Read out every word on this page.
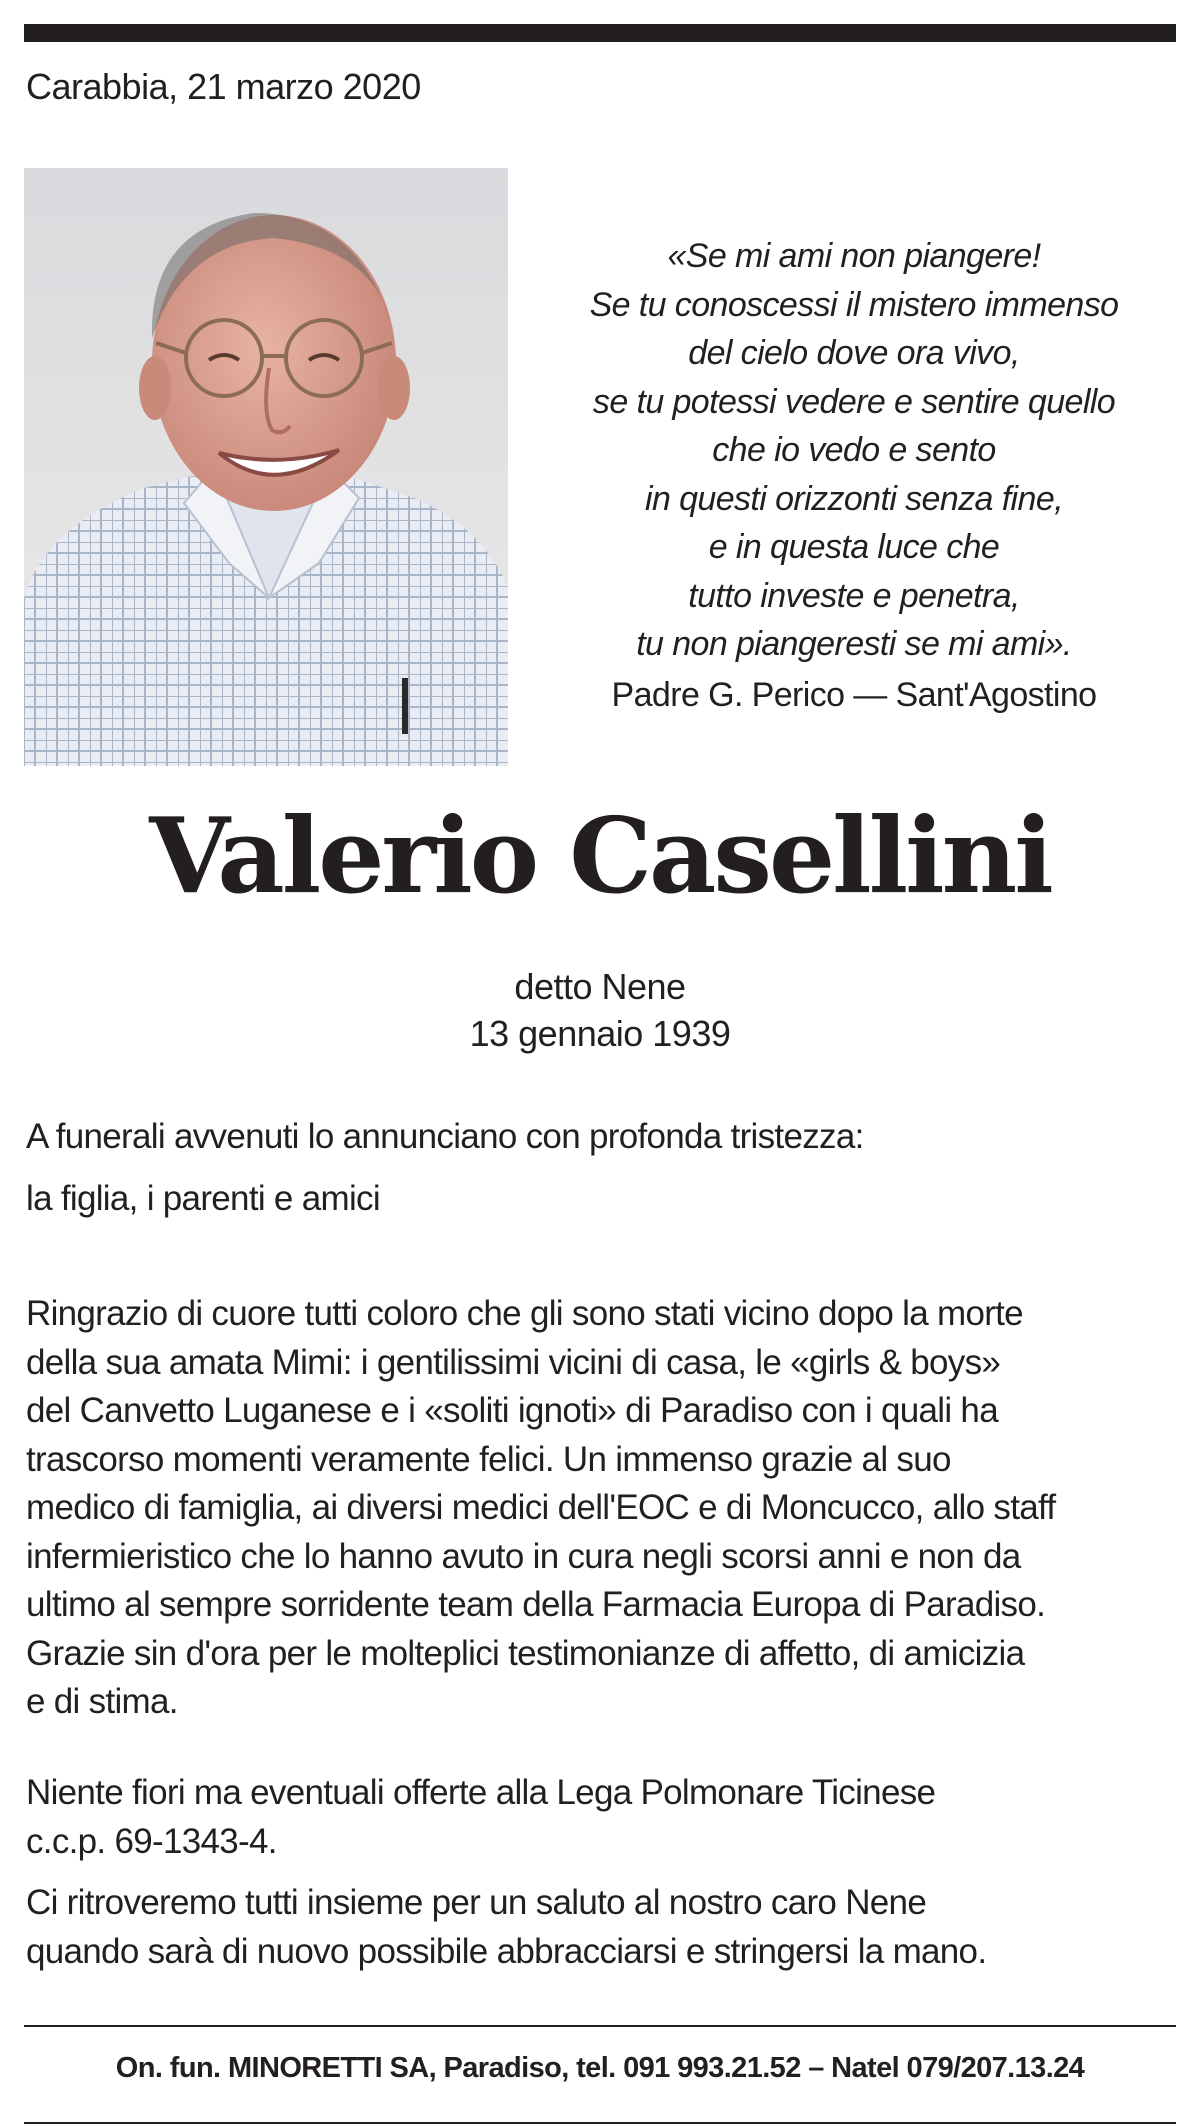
Carabbia, 21 marzo 2020
«Se mi ami non piangere!
Se tu conoscessi il mistero immenso
del cielo dove ora vivo,
se tu potessi vedere e sentire quello
che io vedo e sento
in questi orizzonti senza fine,
e in questa luce che
tutto investe e penetra,
tu non piangeresti se mi ami».
Padre G. Perico — Sant'Agostino
Valerio Casellini
detto Nene
13 gennaio 1939
A funerali avvenuti lo annunciano con profonda tristezza:
la figlia, i parenti e amici
Ringrazio di cuore tutti coloro che gli sono stati vicino dopo la morte
della sua amata Mimi: i gentilissimi vicini di casa, le «girls & boys»
del Canvetto Luganese e i «soliti ignoti» di Paradiso con i quali ha
trascorso momenti veramente felici. Un immenso grazie al suo
medico di famiglia, ai diversi medici dell'EOC e di Moncucco, allo staff
infermieristico che lo hanno avuto in cura negli scorsi anni e non da
ultimo al sempre sorridente team della Farmacia Europa di Paradiso.
Grazie sin d'ora per le molteplici testimonianze di affetto, di amicizia
e di stima.
Niente fiori ma eventuali offerte alla Lega Polmonare Ticinese
c.c.p. 69-1343-4.
Ci ritroveremo tutti insieme per un saluto al nostro caro Nene
quando sarà di nuovo possibile abbracciarsi e stringersi la mano.
On. fun. MINORETTI SA, Paradiso, tel. 091 993.21.52 – Natel 079/207.13.24
